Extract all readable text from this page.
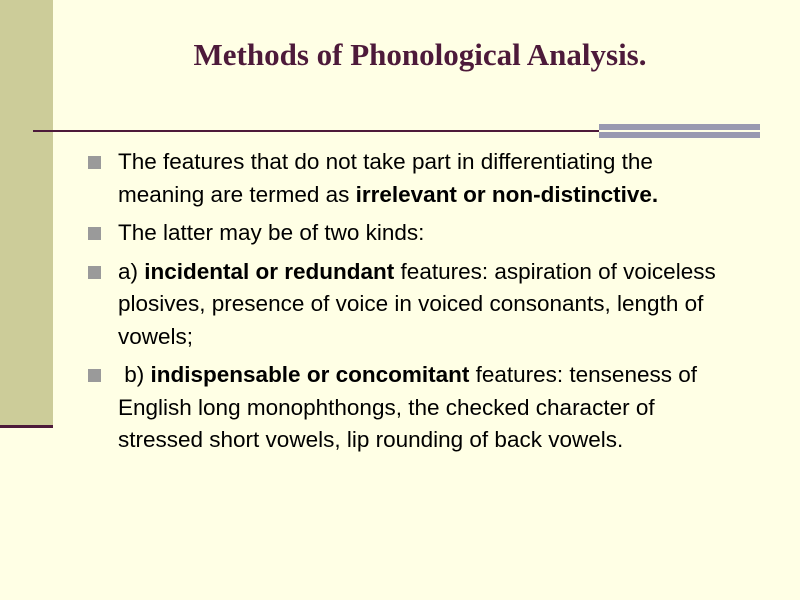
Methods of Phonological Analysis.
The features that do not take part in differentiating the meaning are termed as irrelevant or non-distinctive.
The latter may be of two kinds:
a) incidental or redundant features: aspiration of voiceless plosives, presence of voice in voiced consonants, length of vowels;
b) indispensable or concomitant features: tenseness of English long monophthongs, the checked character of stressed short vowels, lip rounding of back vowels.
